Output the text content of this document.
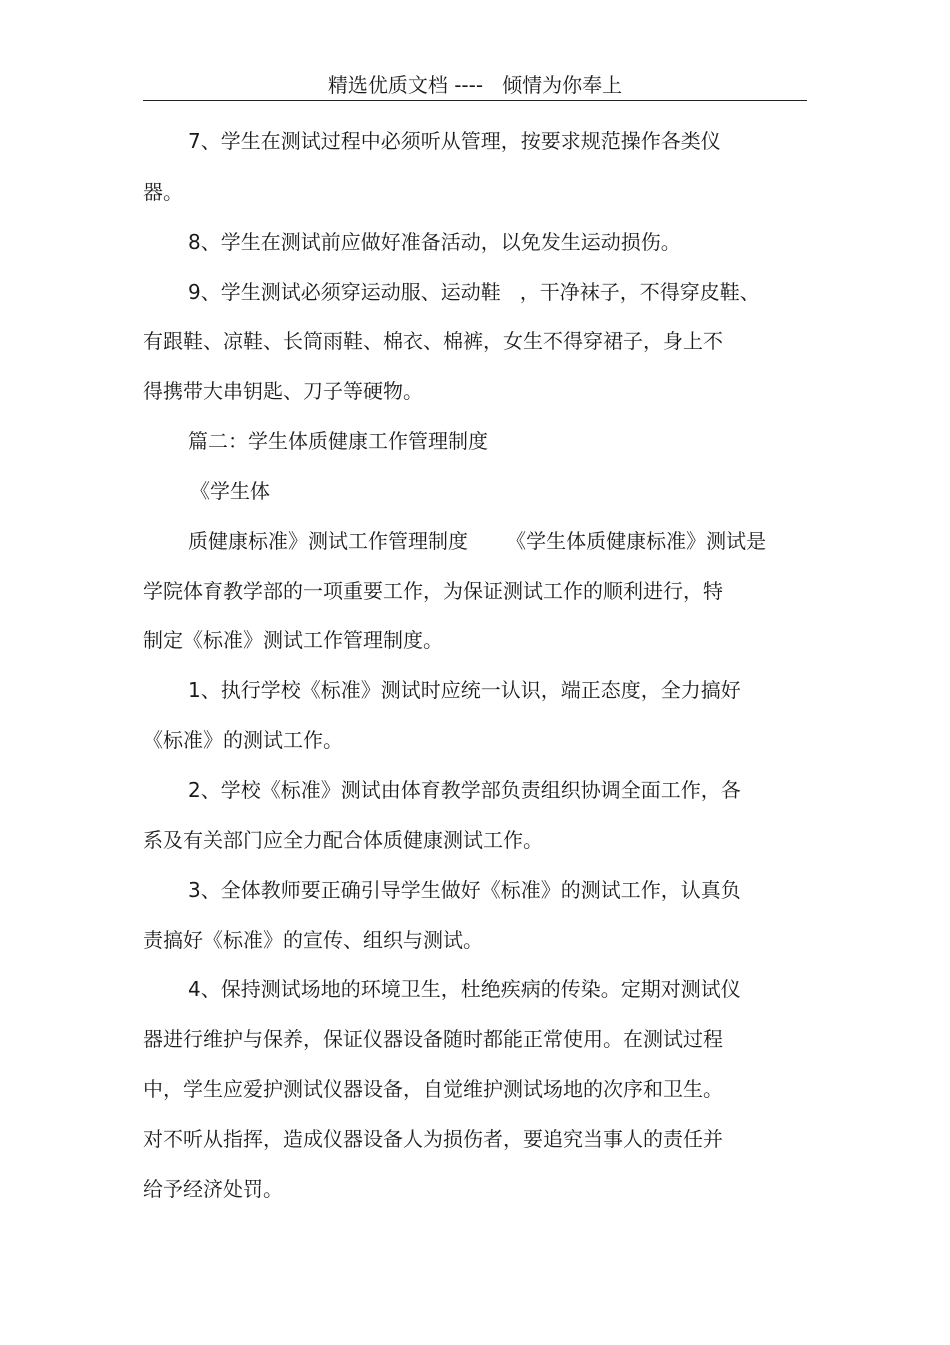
精选优质文档 ----   倾情为你奉上
7、学生在测试过程中必须听从管理，按要求规范操作各类仪
器。
8、学生在测试前应做好准备活动，以免发生运动损伤。
9、学生测试必须穿运动服、运动鞋   ，干净袜子，不得穿皮鞋、
有跟鞋、凉鞋、长筒雨鞋、棉衣、棉裤，女生不得穿裙子，身上不
得携带大串钥匙、刀子等硬物。
篇二：学生体质健康工作管理制度
《学生体
质健康标准》测试工作管理制度      《学生体质健康标准》测试是
学院体育教学部的一项重要工作，为保证测试工作的顺利进行，特
制定《标准》测试工作管理制度。
1、执行学校《标准》测试时应统一认识，端正态度，全力搞好
《标准》的测试工作。
2、学校《标准》测试由体育教学部负责组织协调全面工作，各
系及有关部门应全力配合体质健康测试工作。
3、全体教师要正确引导学生做好《标准》的测试工作，认真负
责搞好《标准》的宣传、组织与测试。
4、保持测试场地的环境卫生，杜绝疾病的传染。定期对测试仪
器进行维护与保养，保证仪器设备随时都能正常使用。在测试过程
中，学生应爱护测试仪器设备，自觉维护测试场地的次序和卫生。
对不听从指挥，造成仪器设备人为损伤者，要追究当事人的责任并
给予经济处罚。
